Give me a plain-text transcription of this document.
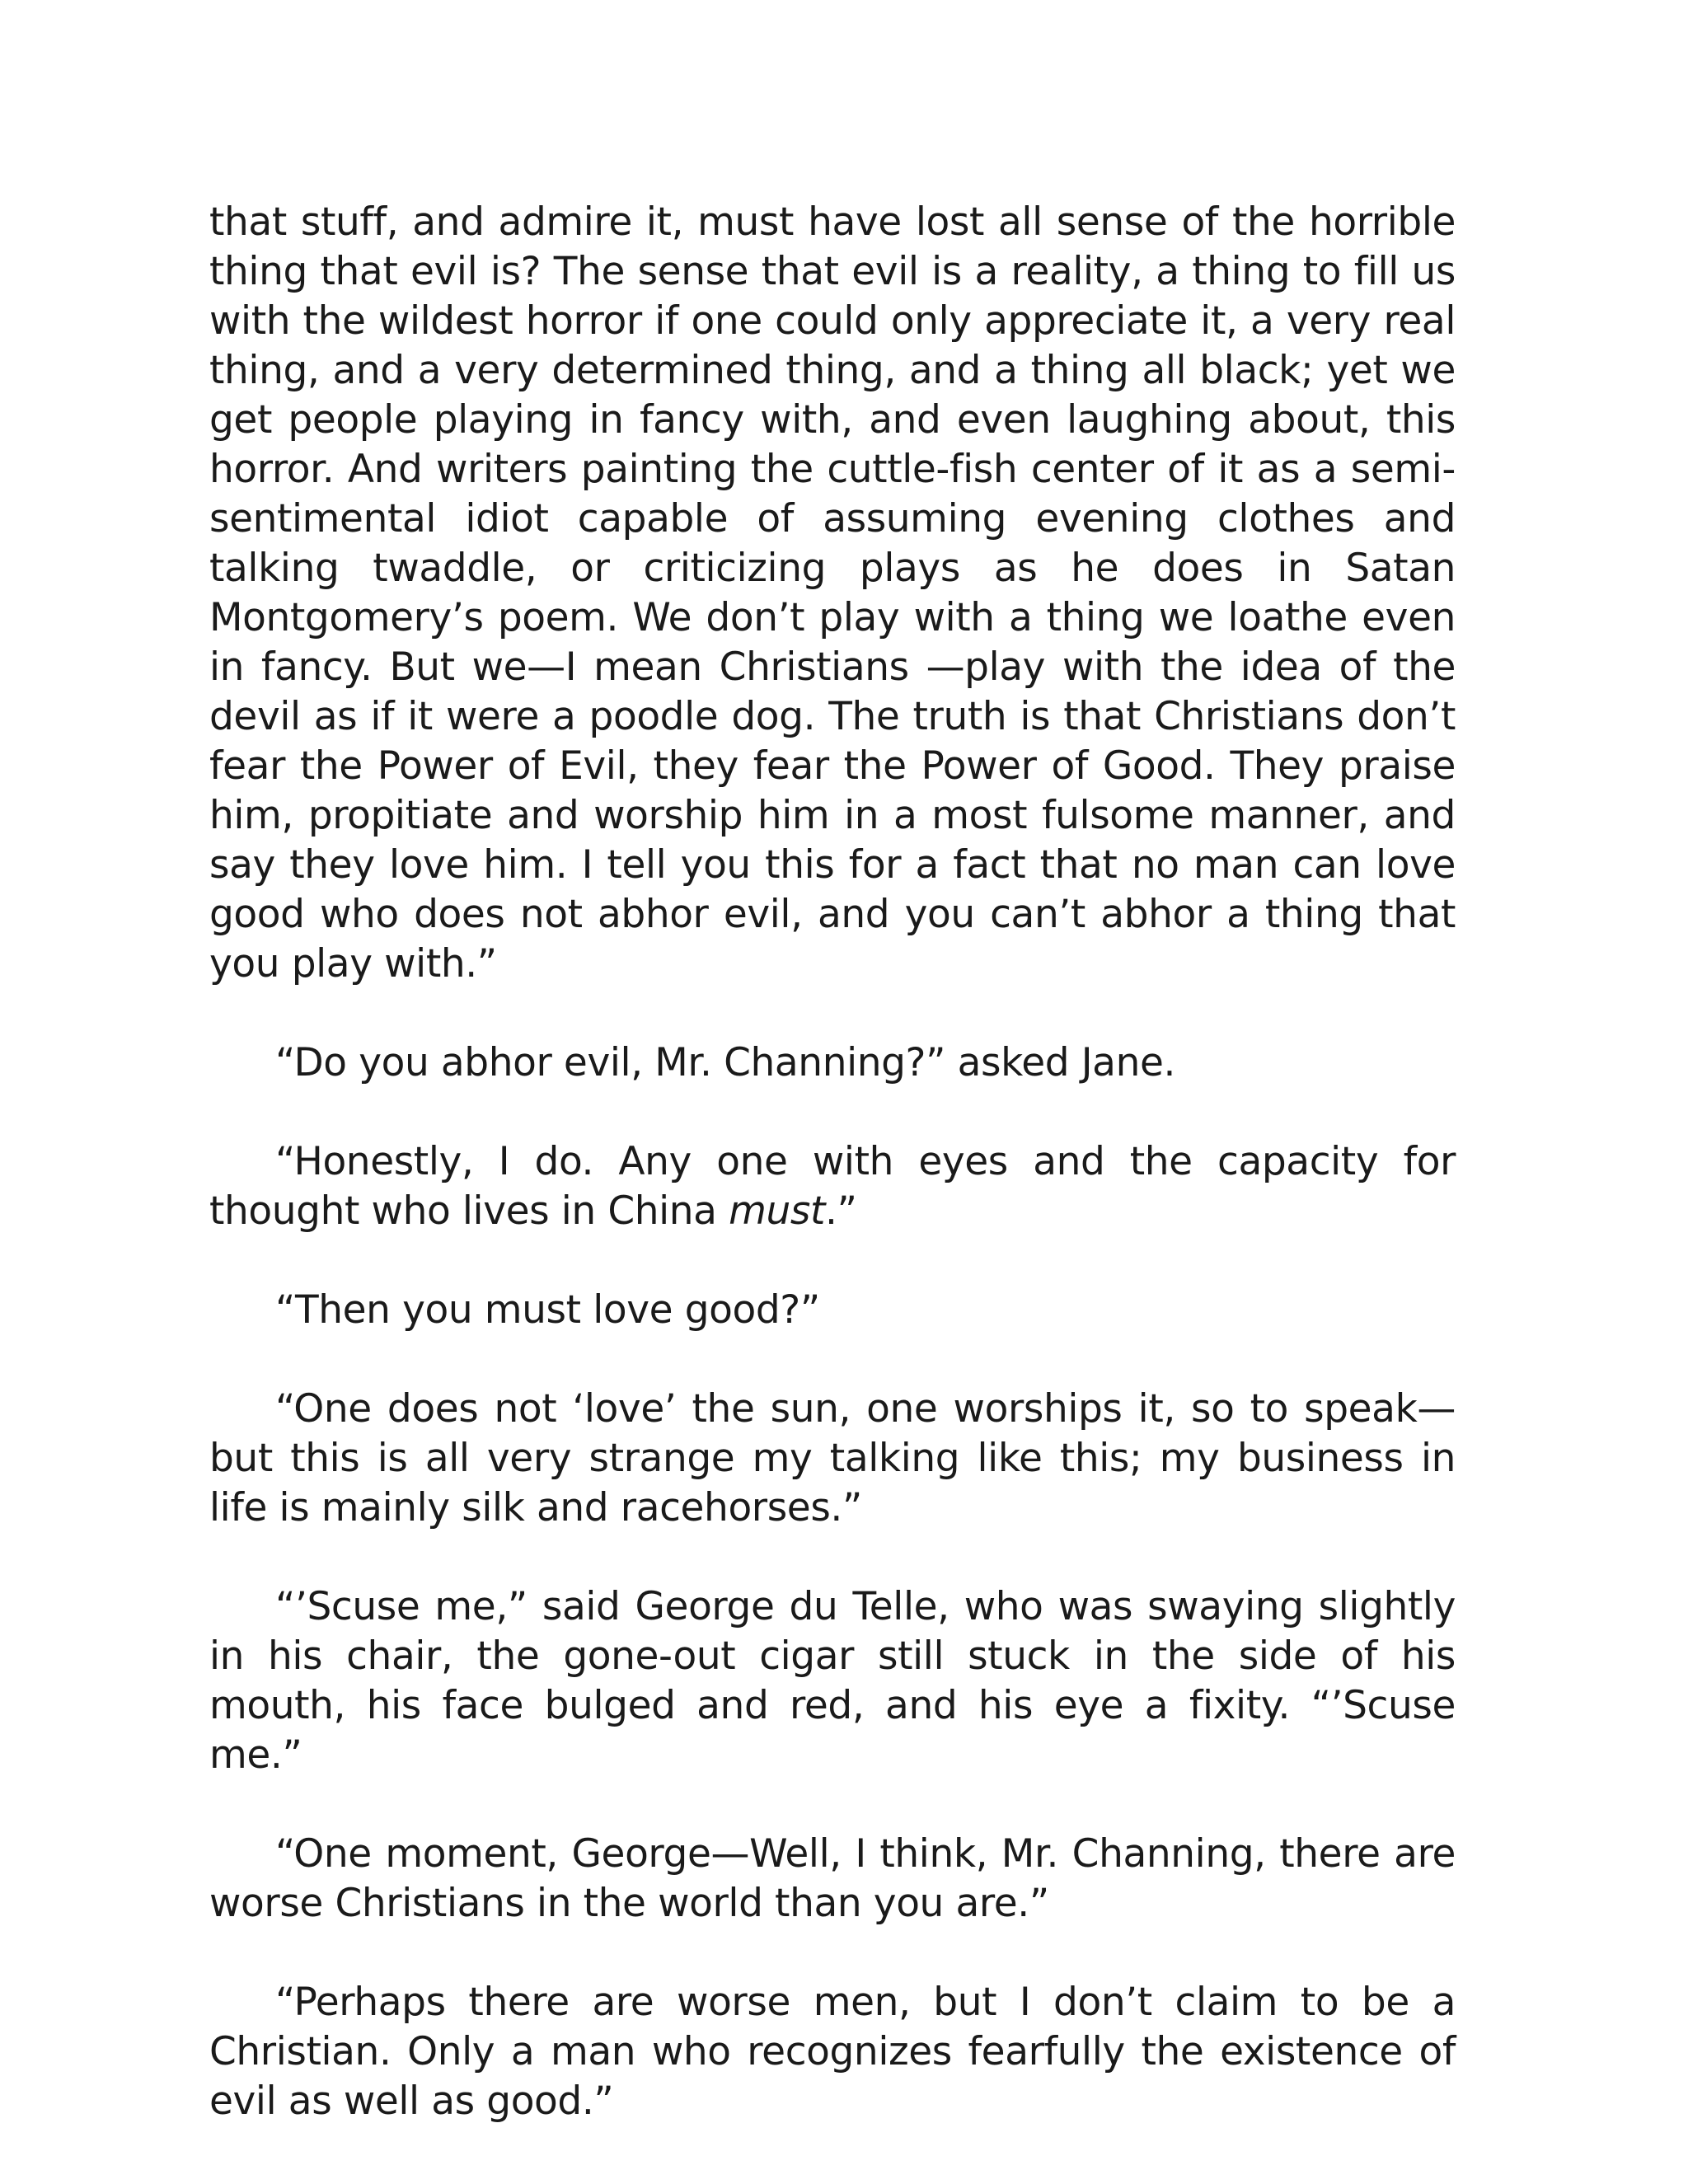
that stuff, and admire it, must have lost all sense of the horrible thing that evil is? The sense that evil is a reality, a thing to fill us with the wildest horror if one could only appreciate it, a very real thing, and a very determined thing, and a thing all black; yet we get people playing in fancy with, and even laughing about, this horror. And writers painting the cuttle-fish center of it as a semi-sentimental idiot capable of assuming evening clothes and talking twaddle, or criticizing plays as he does in Satan Montgomery’s poem. We don’t play with a thing we loathe even in fancy. But we—I mean Christians —play with the idea of the devil as if it were a poodle dog. The truth is that Christians don’t fear the Power of Evil, they fear the Power of Good. They praise him, propitiate and worship him in a most fulsome manner, and say they love him. I tell you this for a fact that no man can love good who does not abhor evil, and you can’t abhor a thing that you play with.”

“Do you abhor evil, Mr. Channing?” asked Jane.

“Honestly, I do. Any one with eyes and the capacity for thought who lives in China must.”

“Then you must love good?”

“One does not ‘love’ the sun, one worships it, so to speak—but this is all very strange my talking like this; my business in life is mainly silk and racehorses.”

“’Scuse me,” said George du Telle, who was swaying slightly in his chair, the gone-out cigar still stuck in the side of his mouth, his face bulged and red, and his eye a fixity. “’Scuse me.”

“One moment, George—Well, I think, Mr. Channing, there are worse Christians in the world than you are.”

“Perhaps there are worse men, but I don’t claim to be a Christian. Only a man who recognizes fearfully the existence of evil as well as good.”
